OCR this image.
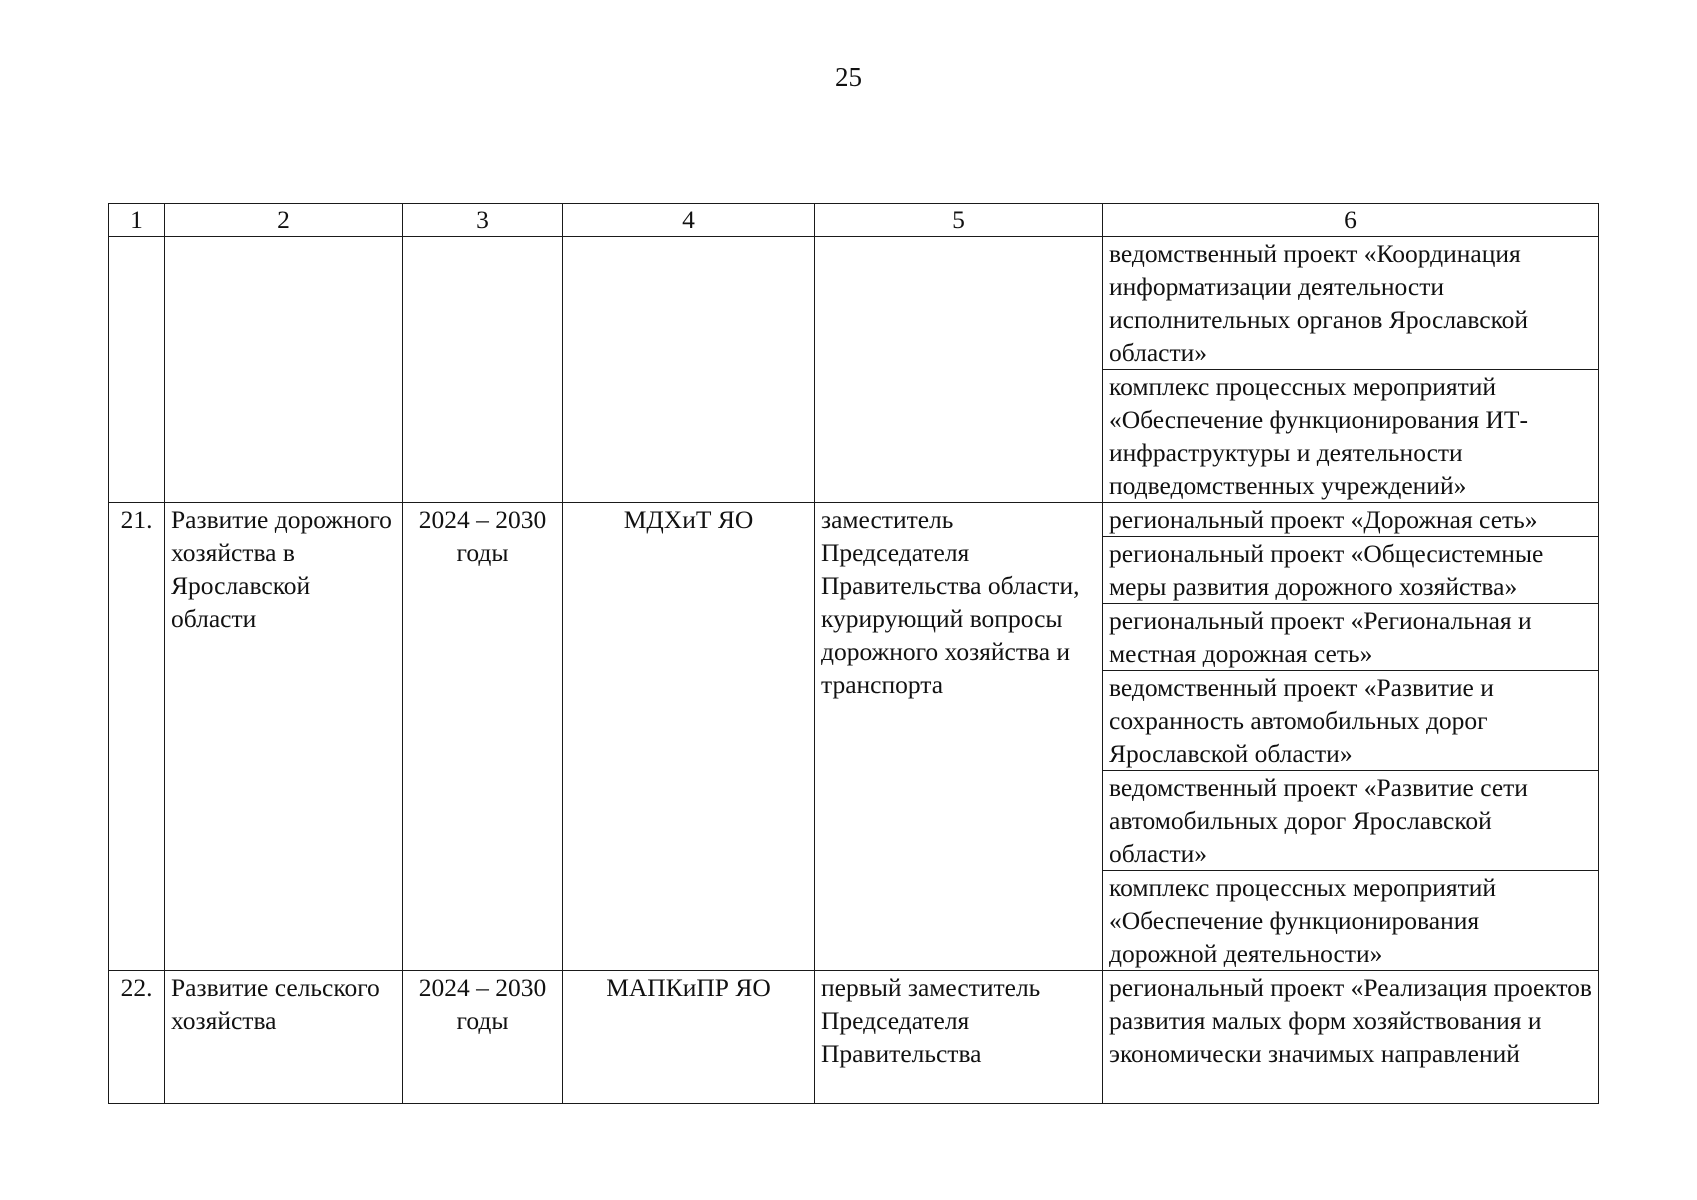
25
1	2	3	4	5	6
					ведомственный проект «Координация информатизации деятельности исполнительных органов Ярославской области»
					комплекс процессных мероприятий «Обеспечение функционирования ИТ-инфраструктуры и деятельности подведомственных учреждений»
21.	Развитие дорожного хозяйства в Ярославской области	2024 – 2030 годы	МДХиТ ЯО	заместитель Председателя Правительства области, курирующий вопросы дорожного хозяйства и транспорта	региональный проект «Дорожная сеть»
					региональный проект «Общесистемные меры развития дорожного хозяйства»
					региональный проект «Региональная и местная дорожная сеть»
					ведомственный проект «Развитие и сохранность автомобильных дорог Ярославской области»
					ведомственный проект «Развитие сети автомобильных дорог Ярославской области»
					комплекс процессных мероприятий «Обеспечение функционирования дорожной деятельности»
22.	Развитие сельского хозяйства	2024 – 2030 годы	МАПКиПР ЯО	первый заместитель Председателя Правительства	региональный проект «Реализация проектов развития малых форм хозяйствования и экономически значимых направлений
